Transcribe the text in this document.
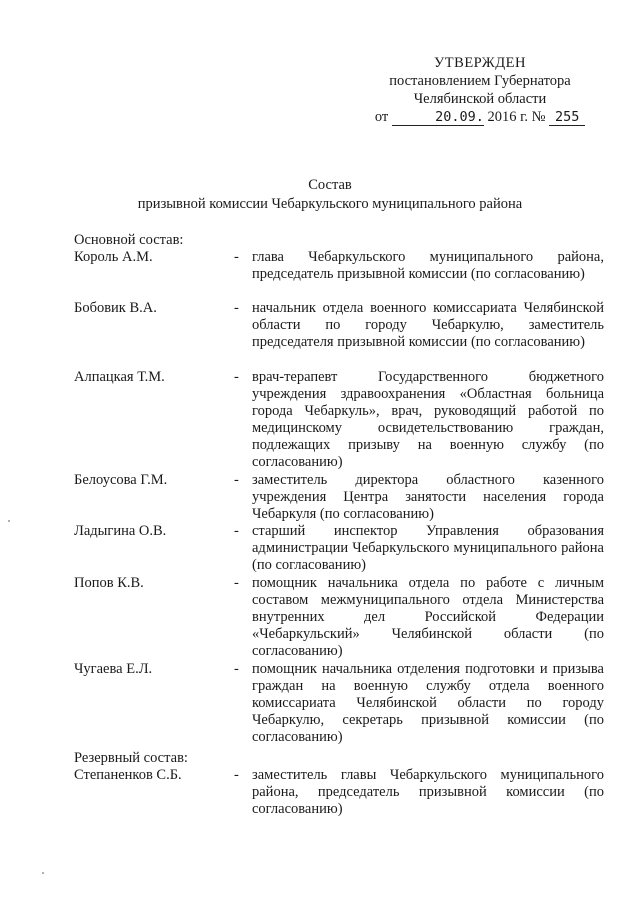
УТВЕРЖДЕН
постановлением Губернатора
Челябинской области
от	20.09. 2016 г. № 255
Состав
призывной комиссии Чебаркульского муниципального района
Основной состав:
Король А.М.	- глава Чебаркульского муниципального района, председатель призывной комиссии (по согласованию)
Бобовик В.А.	- начальник отдела военного комиссариата Челябинской области по городу Чебаркулю, заместитель председателя призывной комиссии (по согласованию)
Алпацкая Т.М.	- врач-терапевт Государственного бюджетного учреждения здравоохранения «Областная больница города Чебаркуль», врач, руководящий работой по медицинскому освидетельствованию граждан, подлежащих призыву на военную службу (по согласованию)
Белоусова Г.М.	- заместитель директора областного казенного учреждения Центра занятости населения города Чебаркуля (по согласованию)
Ладыгина О.В.	- старший инспектор Управления образования администрации Чебаркульского муниципального района (по согласованию)
Попов К.В.	- помощник начальника отдела по работе с личным составом межмуниципального отдела Министерства внутренних дел Российской Федерации «Чебаркульский» Челябинской области (по согласованию)
Чугаева Е.Л.	- помощник начальника отделения подготовки и призыва граждан на военную службу отдела военного комиссариата Челябинской области по городу Чебаркулю, секретарь призывной комиссии (по согласованию)
Резервный состав:
Степаненков С.Б.	- заместитель главы Чебаркульского муниципального района, председатель призывной комиссии (по согласованию)
